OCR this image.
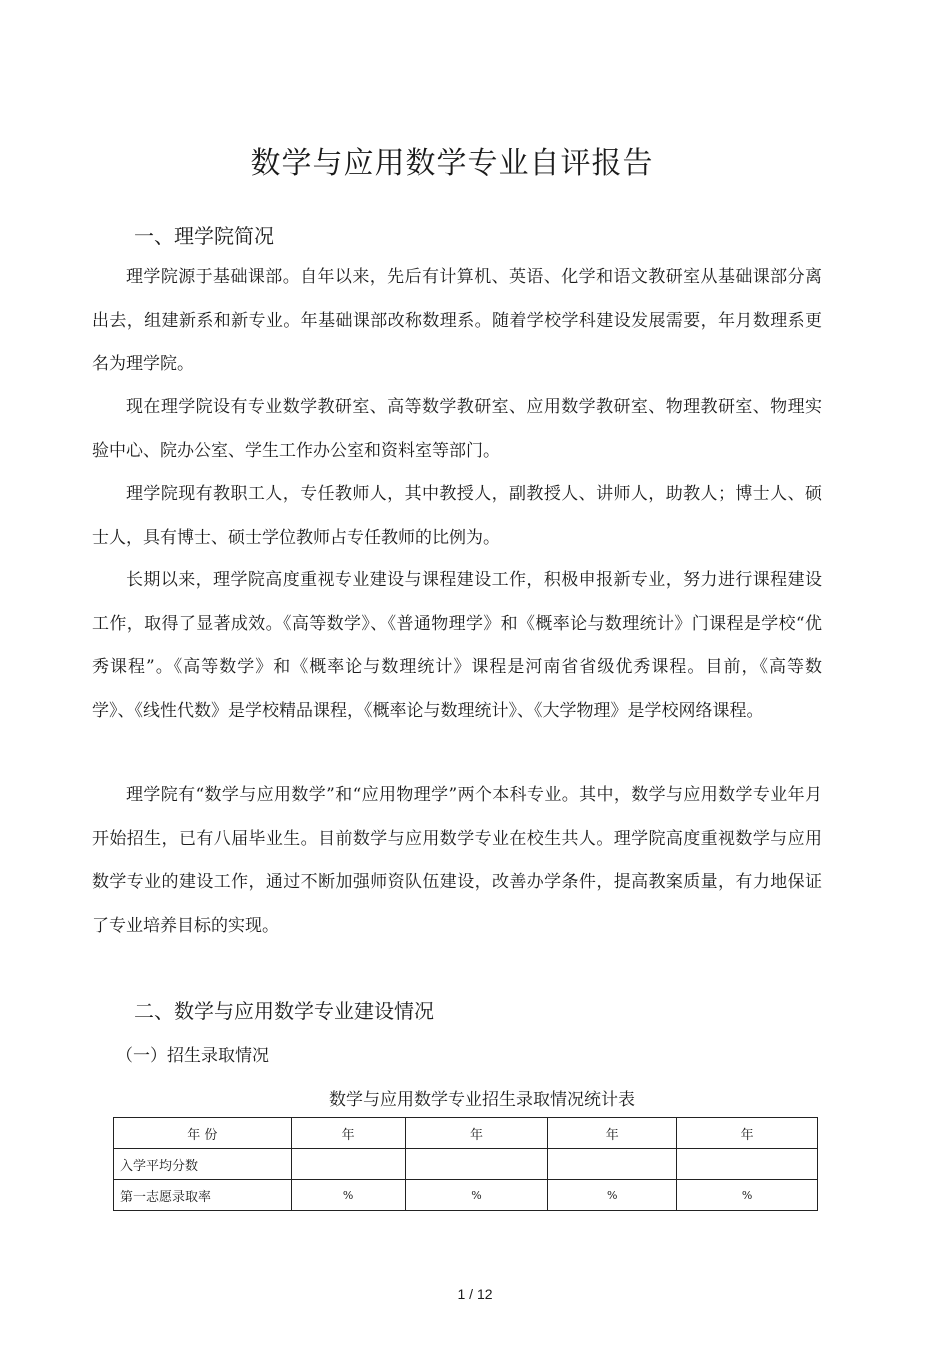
数学与应用数学专业自评报告
一、理学院简况

理学院源于基础课部。自年以来，先后有计算机、英语、化学和语文教研室从基础课部分离出去，组建新系和新专业。年基础课部改称数理系。随着学校学科建设发展需要，年月数理系更名为理学院。

现在理学院设有专业数学教研室、高等数学教研室、应用数学教研室、物理教研室、物理实验中心、院办公室、学生工作办公室和资料室等部门。

理学院现有教职工人，专任教师人，其中教授人，副教授人、讲师人，助教人；博士人、硕士人，具有博士、硕士学位教师占专任教师的比例为。

长期以来，理学院高度重视专业建设与课程建设工作，积极申报新专业，努力进行课程建设工作，取得了显著成效。《高等数学》、《普通物理学》和《概率论与数理统计》门课程是学校“优秀课程”。《高等数学》和《概率论与数理统计》课程是河南省省级优秀课程。目前，《高等数学》、《线性代数》是学校精品课程，《概率论与数理统计》、《大学物理》是学校网络课程。

理学院有“数学与应用数学”和“应用物理学”两个本科专业。其中，数学与应用数学专业年月开始招生，已有八届毕业生。目前数学与应用数学专业在校生共人。理学院高度重视数学与应用数学专业的建设工作，通过不断加强师资队伍建设，改善办学条件，提高教案质量，有力地保证了专业培养目标的实现。

二、数学与应用数学专业建设情况
（一）招生录取情况
数学与应用数学专业招生录取情况统计表
年 份	年	年	年	年
入学平均分数				
第一志愿录取率	%	%	%	%
1 / 12
